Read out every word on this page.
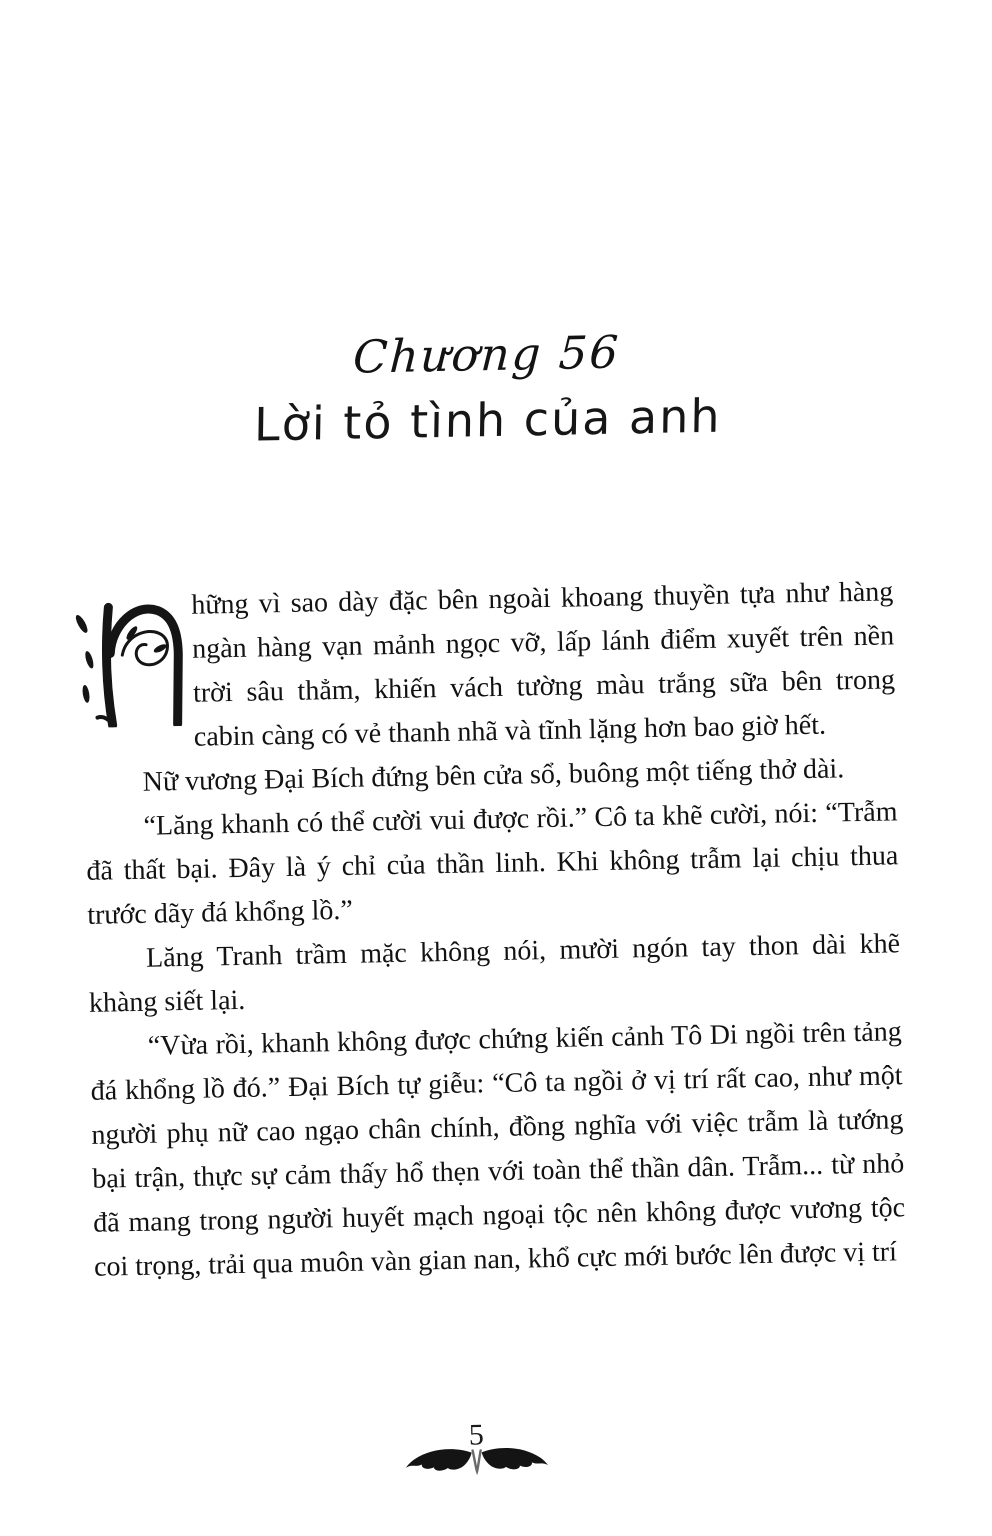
Chương 56
Lời tỏ tình của anh

hững vì sao dày đặc bên ngoài khoang thuyền tựa như hàng ngàn hàng vạn mảnh ngọc vỡ, lấp lánh điểm xuyết trên nền trời sâu thẳm, khiến vách tường màu trắng sữa bên trong cabin càng có vẻ thanh nhã và tĩnh lặng hơn bao giờ hết.

Nữ vương Đại Bích đứng bên cửa sổ, buông một tiếng thở dài.

“Lăng khanh có thể cười vui được rồi.” Cô ta khẽ cười, nói: “Trẫm đã thất bại. Đây là ý chỉ của thần linh. Khi không trẫm lại chịu thua trước dãy đá khổng lồ.”

Lăng Tranh trầm mặc không nói, mười ngón tay thon dài khẽ khàng siết lại.

“Vừa rồi, khanh không được chứng kiến cảnh Tô Di ngồi trên tảng đá khổng lồ đó.” Đại Bích tự giễu: “Cô ta ngồi ở vị trí rất cao, như một người phụ nữ cao ngạo chân chính, đồng nghĩa với việc trẫm là tướng bại trận, thực sự cảm thấy hổ thẹn với toàn thể thần dân. Trẫm... từ nhỏ đã mang trong người huyết mạch ngoại tộc nên không được vương tộc coi trọng, trải qua muôn vàn gian nan, khổ cực mới bước lên được vị trí

5
